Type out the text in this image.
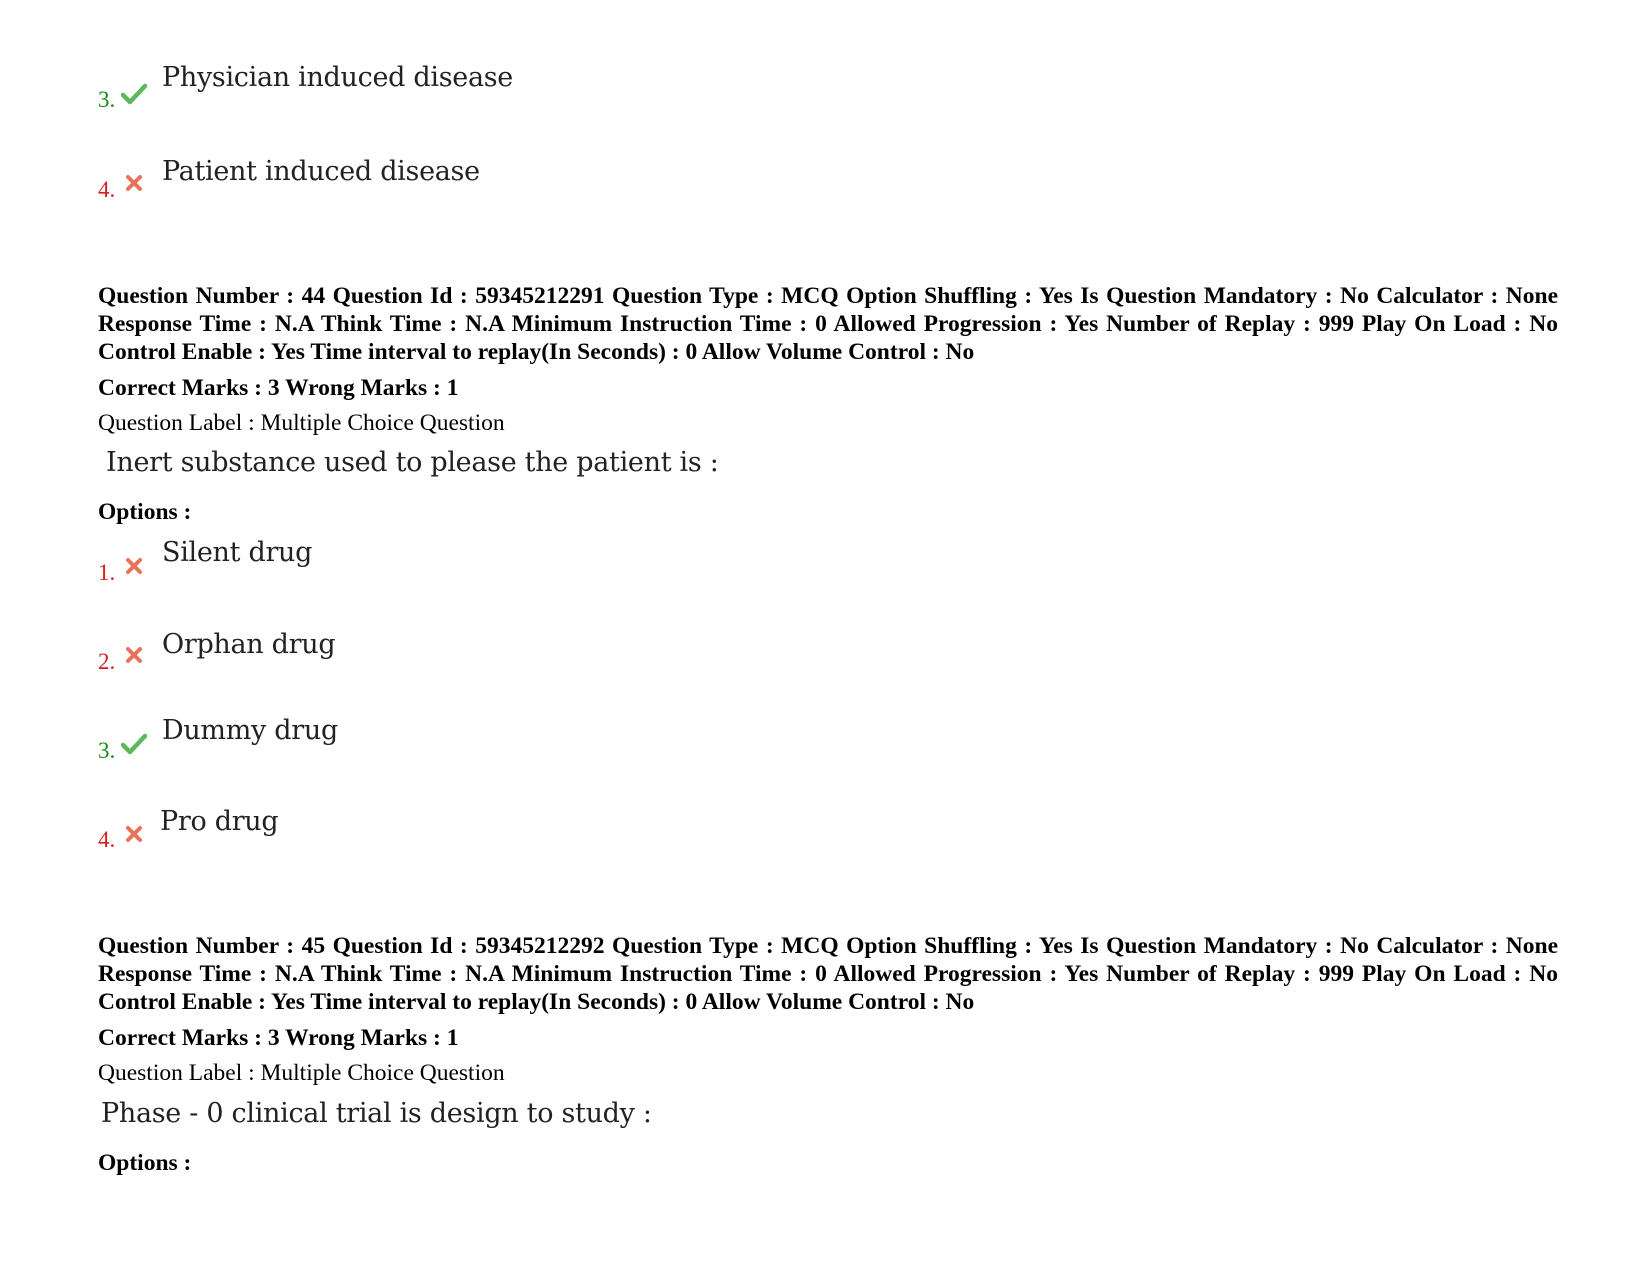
3.
Physician induced disease
4.
Patient induced disease
Question Number : 44 Question Id : 59345212291 Question Type : MCQ Option Shuffling : Yes Is Question Mandatory : No Calculator : None Response Time : N.A Think Time : N.A Minimum Instruction Time : 0 Allowed Progression : Yes Number of Replay : 999 Play On Load : No Control Enable : Yes Time interval to replay(In Seconds) : 0 Allow Volume Control : No
Correct Marks : 3 Wrong Marks : 1
Question Label : Multiple Choice Question
Inert substance used to please the patient is :
Options :
1.
Silent drug
2.
Orphan drug
3.
Dummy drug
4.
Pro drug
Question Number : 45 Question Id : 59345212292 Question Type : MCQ Option Shuffling : Yes Is Question Mandatory : No Calculator : None Response Time : N.A Think Time : N.A Minimum Instruction Time : 0 Allowed Progression : Yes Number of Replay : 999 Play On Load : No Control Enable : Yes Time interval to replay(In Seconds) : 0 Allow Volume Control : No
Correct Marks : 3 Wrong Marks : 1
Question Label : Multiple Choice Question
Phase - 0 clinical trial is design to study :
Options :
